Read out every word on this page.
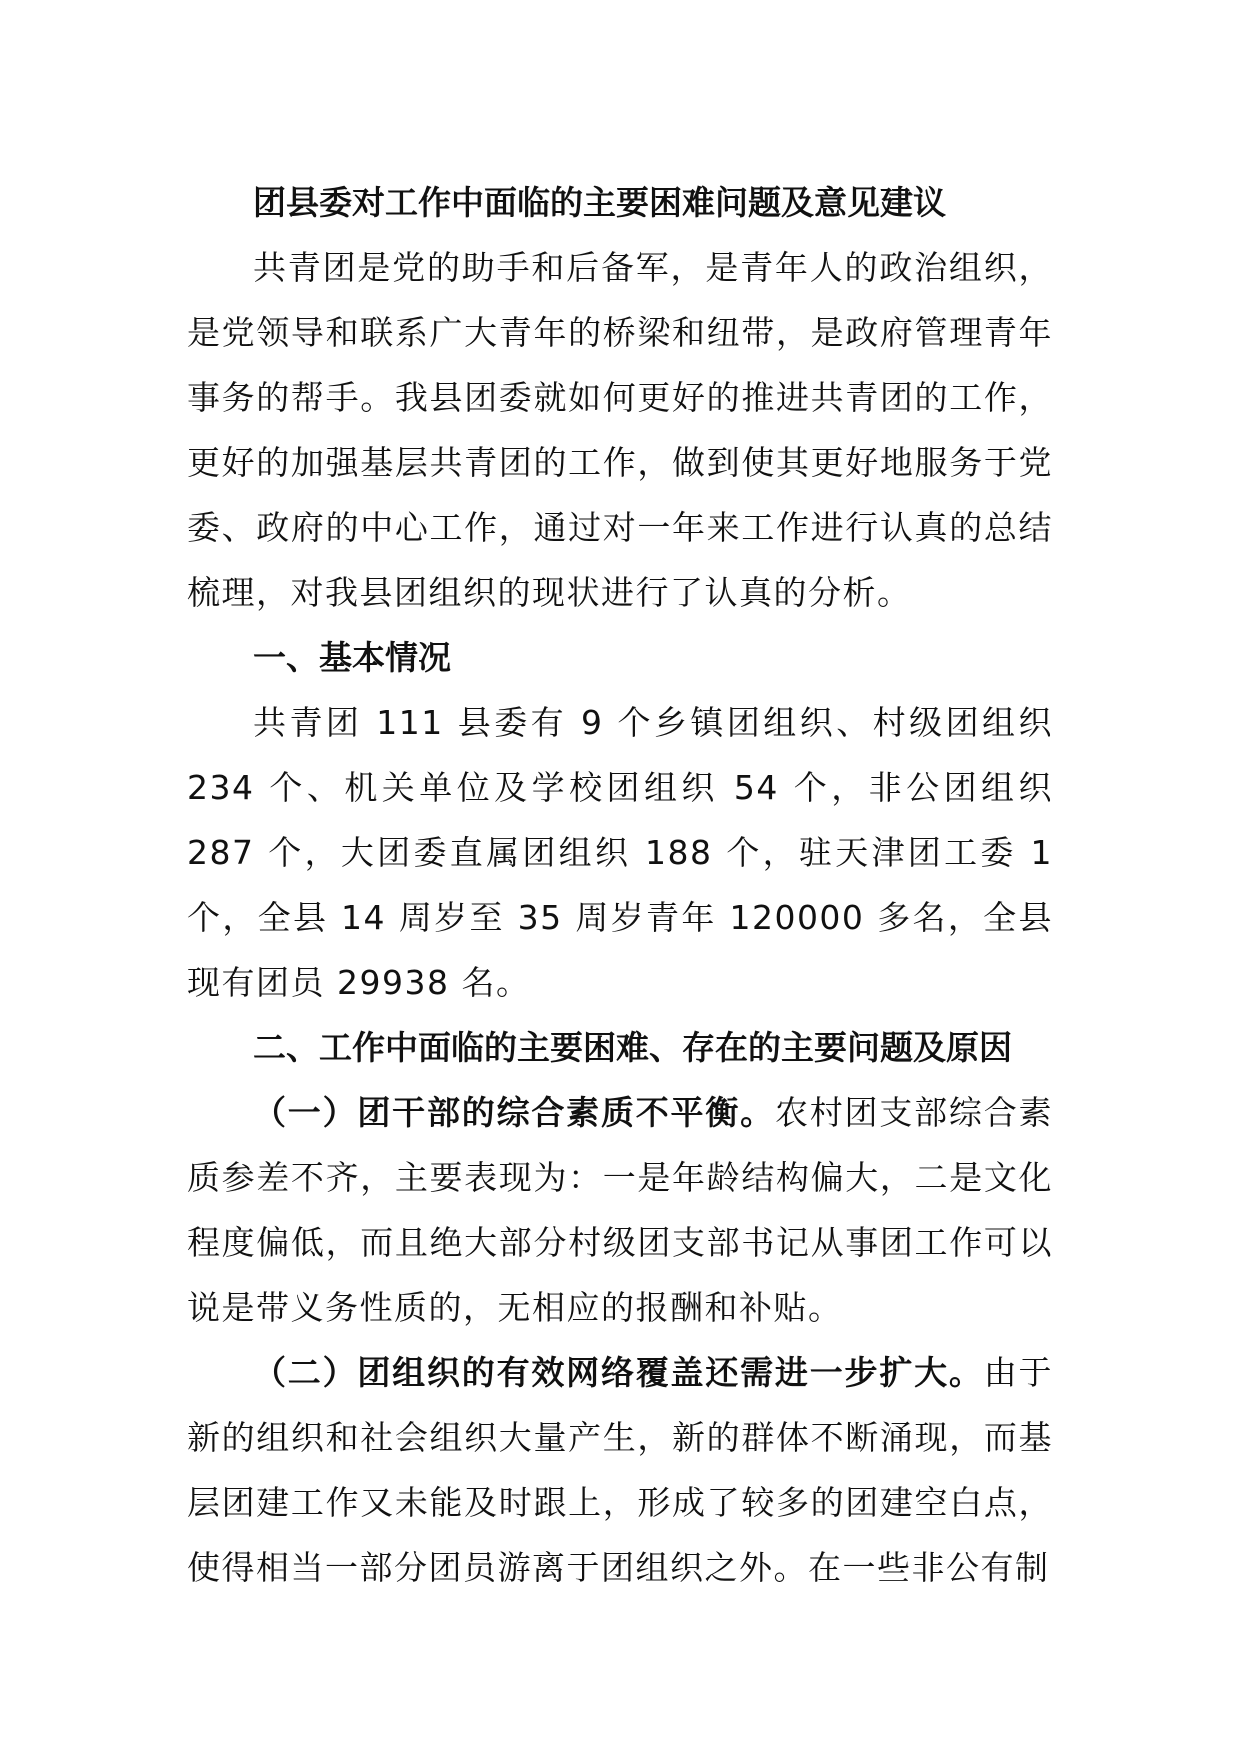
团县委对工作中面临的主要困难问题及意见建议

共青团是党的助手和后备军，是青年人的政治组织，是党领导和联系广大青年的桥梁和纽带，是政府管理青年事务的帮手。我县团委就如何更好的推进共青团的工作，更好的加强基层共青团的工作，做到使其更好地服务于党委、政府的中心工作，通过对一年来工作进行认真的总结梳理，对我县团组织的现状进行了认真的分析。

一、基本情况

共青团 111 县委有 9 个乡镇团组织、村级团组织 234 个、机关单位及学校团组织 54 个，非公团组织 287 个，大团委直属团组织 188 个，驻天津团工委 1 个，全县 14 周岁至 35 周岁青年 120000 多名，全县现有团员 29938 名。

二、工作中面临的主要困难、存在的主要问题及原因

（一）团干部的综合素质不平衡。农村团支部综合素质参差不齐，主要表现为：一是年龄结构偏大，二是文化程度偏低，而且绝大部分村级团支部书记从事团工作可以说是带义务性质的，无相应的报酬和补贴。

（二）团组织的有效网络覆盖还需进一步扩大。由于新的组织和社会组织大量产生，新的群体不断涌现，而基层团建工作又未能及时跟上，形成了较多的团建空白点，使得相当一部分团员游离于团组织之外。在一些非公有制
